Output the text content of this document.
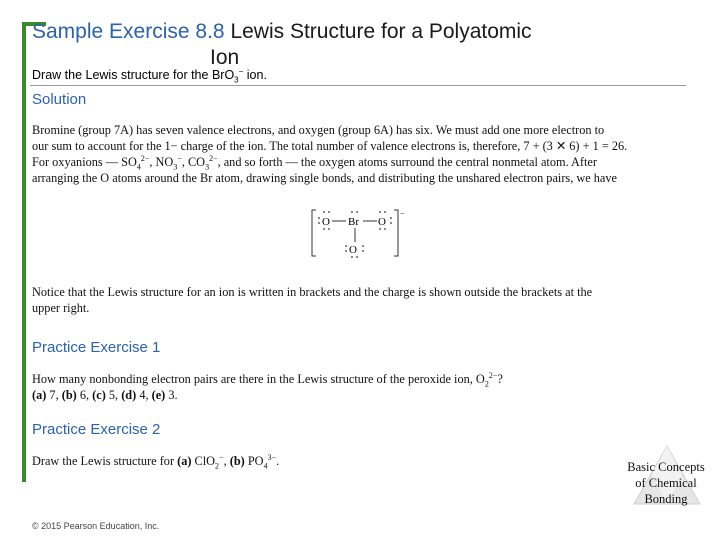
Sample Exercise 8.8 Lewis Structure for a Polyatomic
Ion
Draw the Lewis structure for the BrO$_3$− ion.
Solution
Bromine (group 7A) has seven valence electrons, and oxygen (group 6A) has six. We must add one more electron to
our sum to account for the 1− charge of the ion. The total number of valence electrons is, therefore, 7 + (3 ✕ 6) + 1 = 26.
For oxyanions — $SO_4^{2-}$, $NO_3^-$, $CO_3^{2-}$, and so forth — the oxygen atoms surround the central nonmetal atom. After
arranging the O atoms around the Br atom, drawing single bonds, and distributing the unshared electron pairs, we have
−
O Br O
O
Notice that the Lewis structure for an ion is written in brackets and the charge is shown outside the brackets at the
upper right.
Practice Exercise 1
How many nonbonding electron pairs are there in the Lewis structure of the peroxide ion, $O_2^{2-}$?
(a) 7, (b) 6, (c) 5, (d) 4, (e) 3.
Practice Exercise 2
Draw the Lewis structure for (a) ClO$_2$−, (b) $PO_4^{3-}$.	Basic Concepts
of Chemical
Bonding
© 2015 Pearson Education, Inc.
